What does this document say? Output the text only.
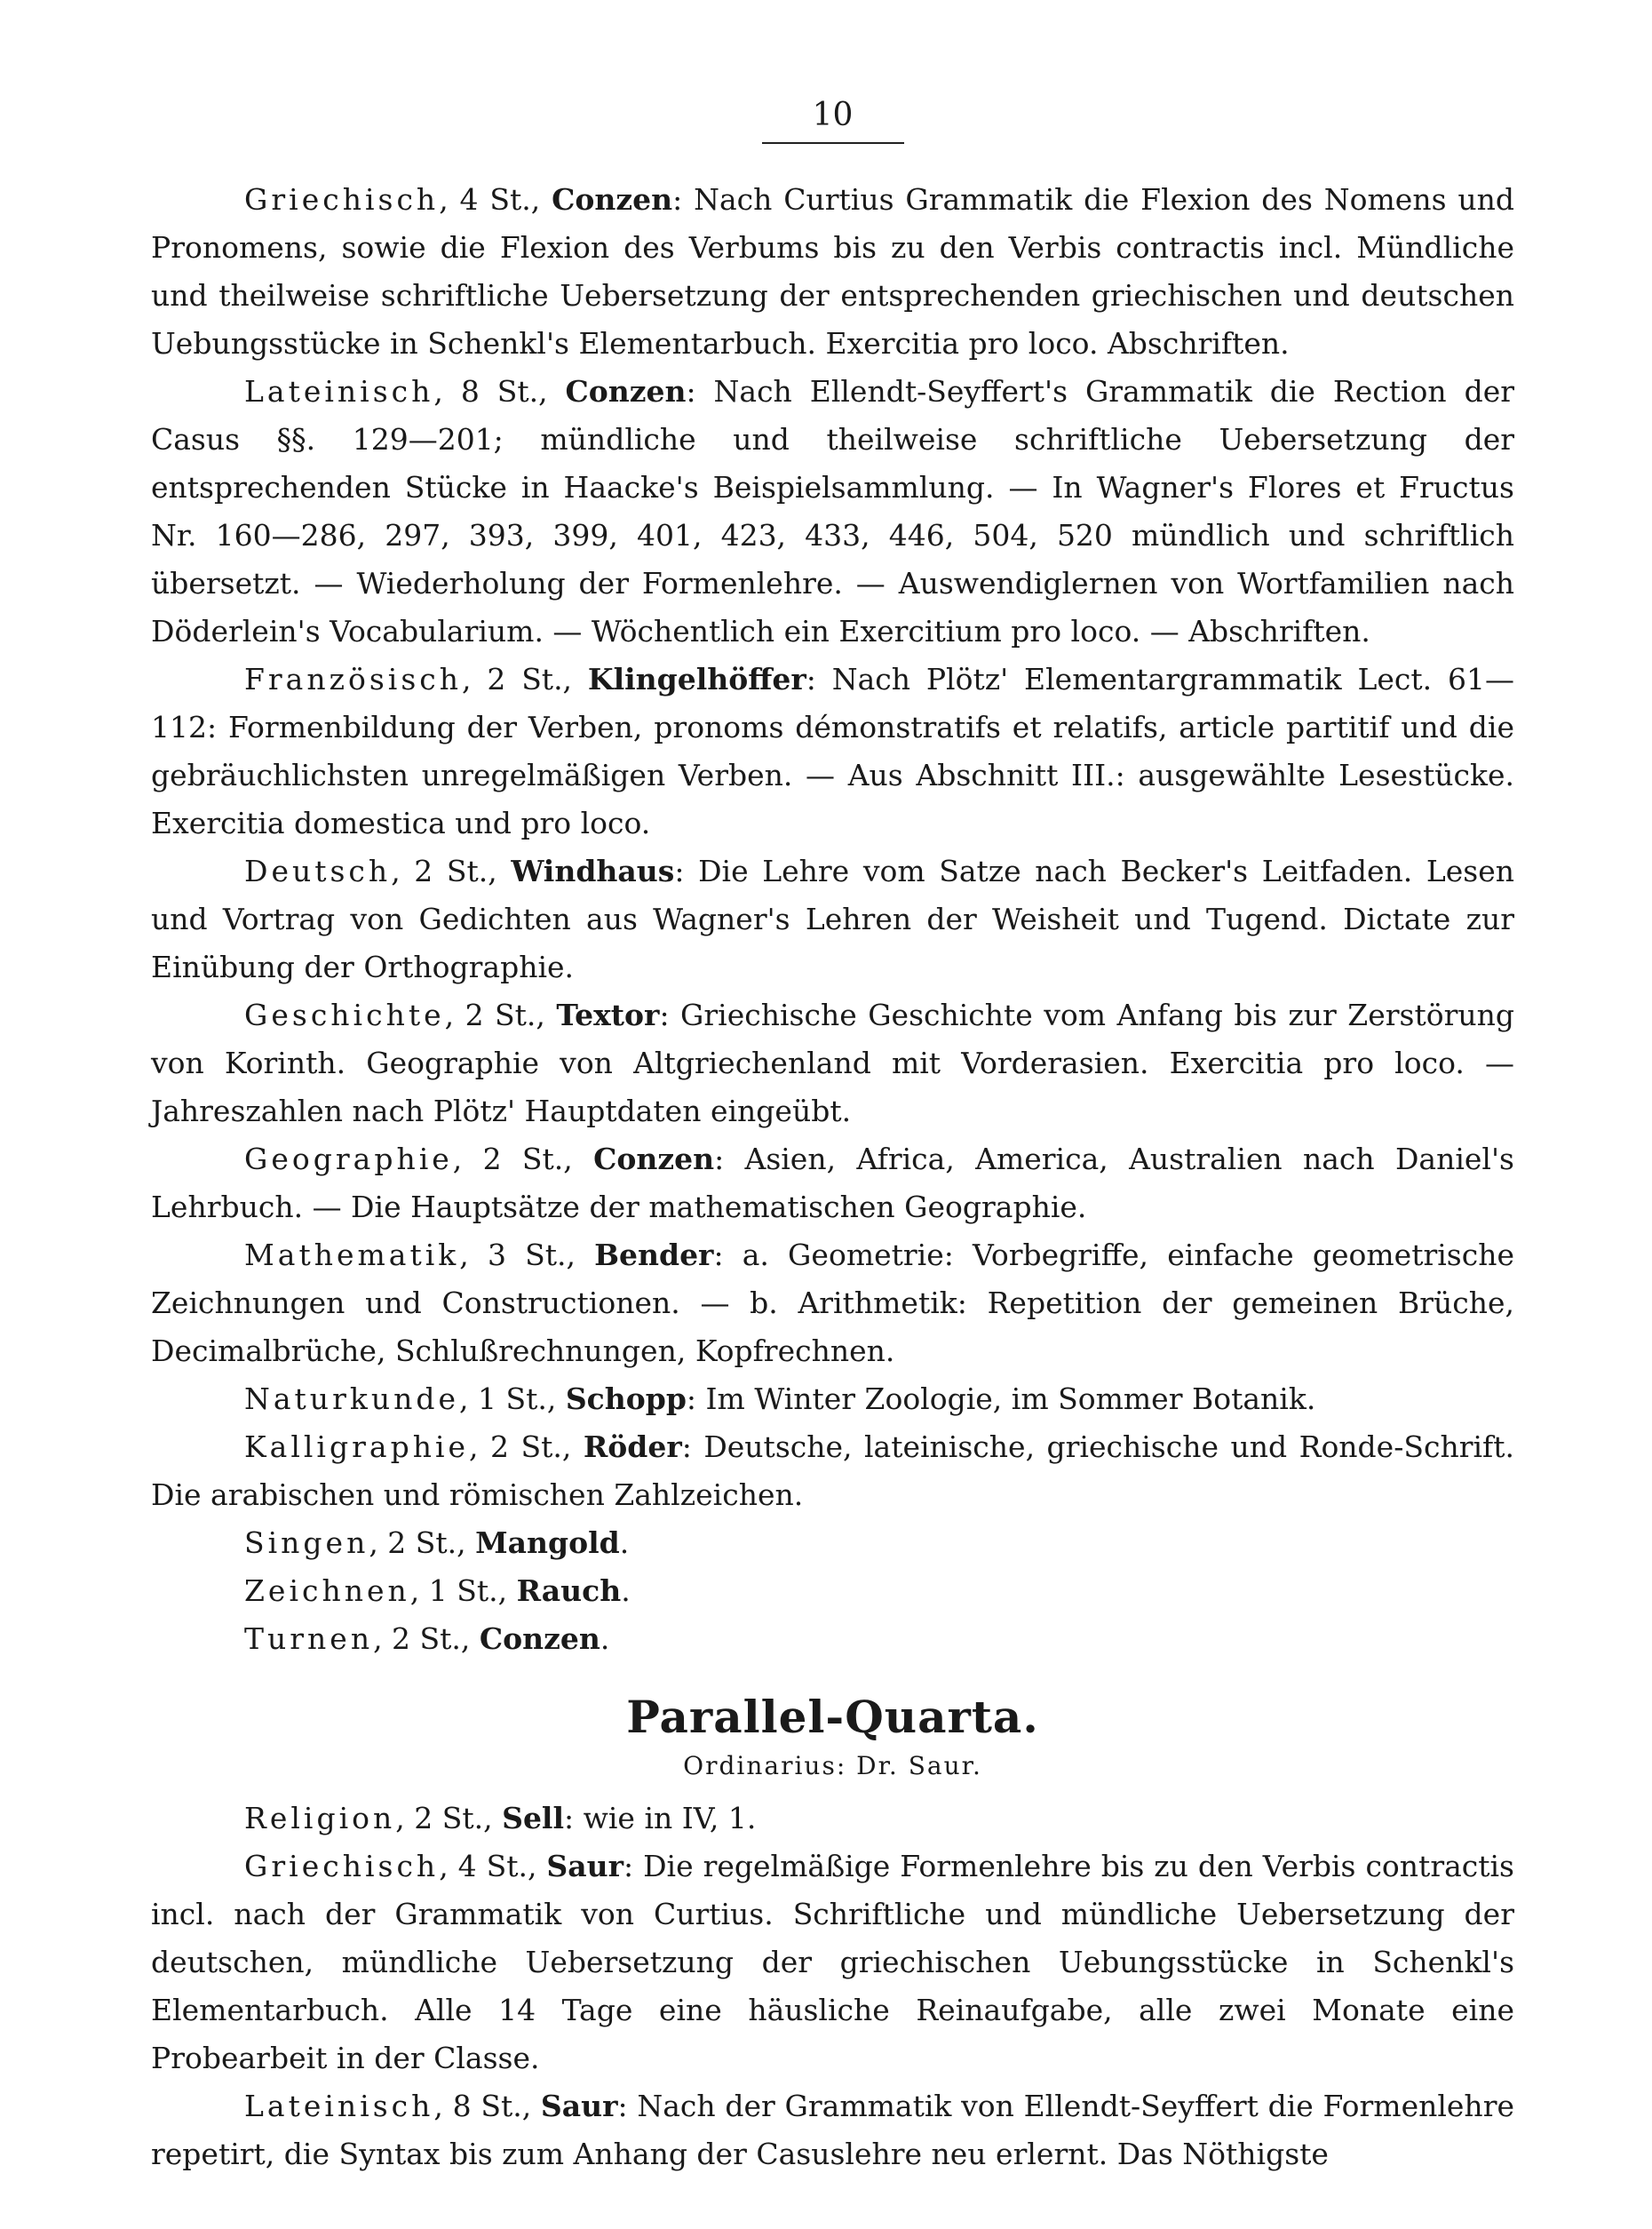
10

Griechisch, 4 St., Conzen: Nach Curtius Grammatik die Flexion des Nomens und Pronomens, sowie die Flexion des Verbums bis zu den Verbis contractis incl. Mündliche und theilweise schriftliche Uebersetzung der entsprechenden griechischen und deutschen Uebungsstücke in Schenkl's Elementarbuch. Exercitia pro loco. Abschriften.

Lateinisch, 8 St., Conzen: Nach Ellendt-Seyffert's Grammatik die Rection der Casus §§. 129—201; mündliche und theilweise schriftliche Uebersetzung der entsprechenden Stücke in Haacke's Beispielsammlung. — In Wagner's Flores et Fructus Nr. 160—286, 297, 393, 399, 401, 423, 433, 446, 504, 520 mündlich und schriftlich übersetzt. — Wiederholung der Formenlehre. — Auswendiglernen von Wortfamilien nach Döderlein's Vocabularium. — Wöchentlich ein Exercitium pro loco. — Abschriften.

Französisch, 2 St., Klingelhöffer: Nach Plötz' Elementargrammatik Lect. 61—112: Formenbildung der Verben, pronoms démonstratifs et relatifs, article partitif und die gebräuchlichsten unregelmäßigen Verben. — Aus Abschnitt III.: ausgewählte Lesestücke. Exercitia domestica und pro loco.

Deutsch, 2 St., Windhaus: Die Lehre vom Satze nach Becker's Leitfaden. Lesen und Vortrag von Gedichten aus Wagner's Lehren der Weisheit und Tugend. Dictate zur Einübung der Orthographie.

Geschichte, 2 St., Textor: Griechische Geschichte vom Anfang bis zur Zerstörung von Korinth. Geographie von Altgriechenland mit Vorderasien. Exercitia pro loco. — Jahreszahlen nach Plötz' Hauptdaten eingeübt.

Geographie, 2 St., Conzen: Asien, Africa, America, Australien nach Daniel's Lehrbuch. — Die Hauptsätze der mathematischen Geographie.

Mathematik, 3 St., Bender: a. Geometrie: Vorbegriffe, einfache geometrische Zeichnungen und Constructionen. — b. Arithmetik: Repetition der gemeinen Brüche, Decimalbrüche, Schlußrechnungen, Kopfrechnen.

Naturkunde, 1 St., Schopp: Im Winter Zoologie, im Sommer Botanik.

Kalligraphie, 2 St., Röder: Deutsche, lateinische, griechische und Ronde-Schrift. Die arabischen und römischen Zahlzeichen.

Singen, 2 St., Mangold.

Zeichnen, 1 St., Rauch.

Turnen, 2 St., Conzen.

Parallel-Quarta.
Ordinarius: Dr. Saur.

Religion, 2 St., Sell: wie in IV, 1.

Griechisch, 4 St., Saur: Die regelmäßige Formenlehre bis zu den Verbis contractis incl. nach der Grammatik von Curtius. Schriftliche und mündliche Uebersetzung der deutschen, mündliche Uebersetzung der griechischen Uebungsstücke in Schenkl's Elementarbuch. Alle 14 Tage eine häusliche Reinaufgabe, alle zwei Monate eine Probearbeit in der Classe.

Lateinisch, 8 St., Saur: Nach der Grammatik von Ellendt-Seyffert die Formenlehre repetirt, die Syntax bis zum Anhang der Casuslehre neu erlernt. Das Nöthigste
